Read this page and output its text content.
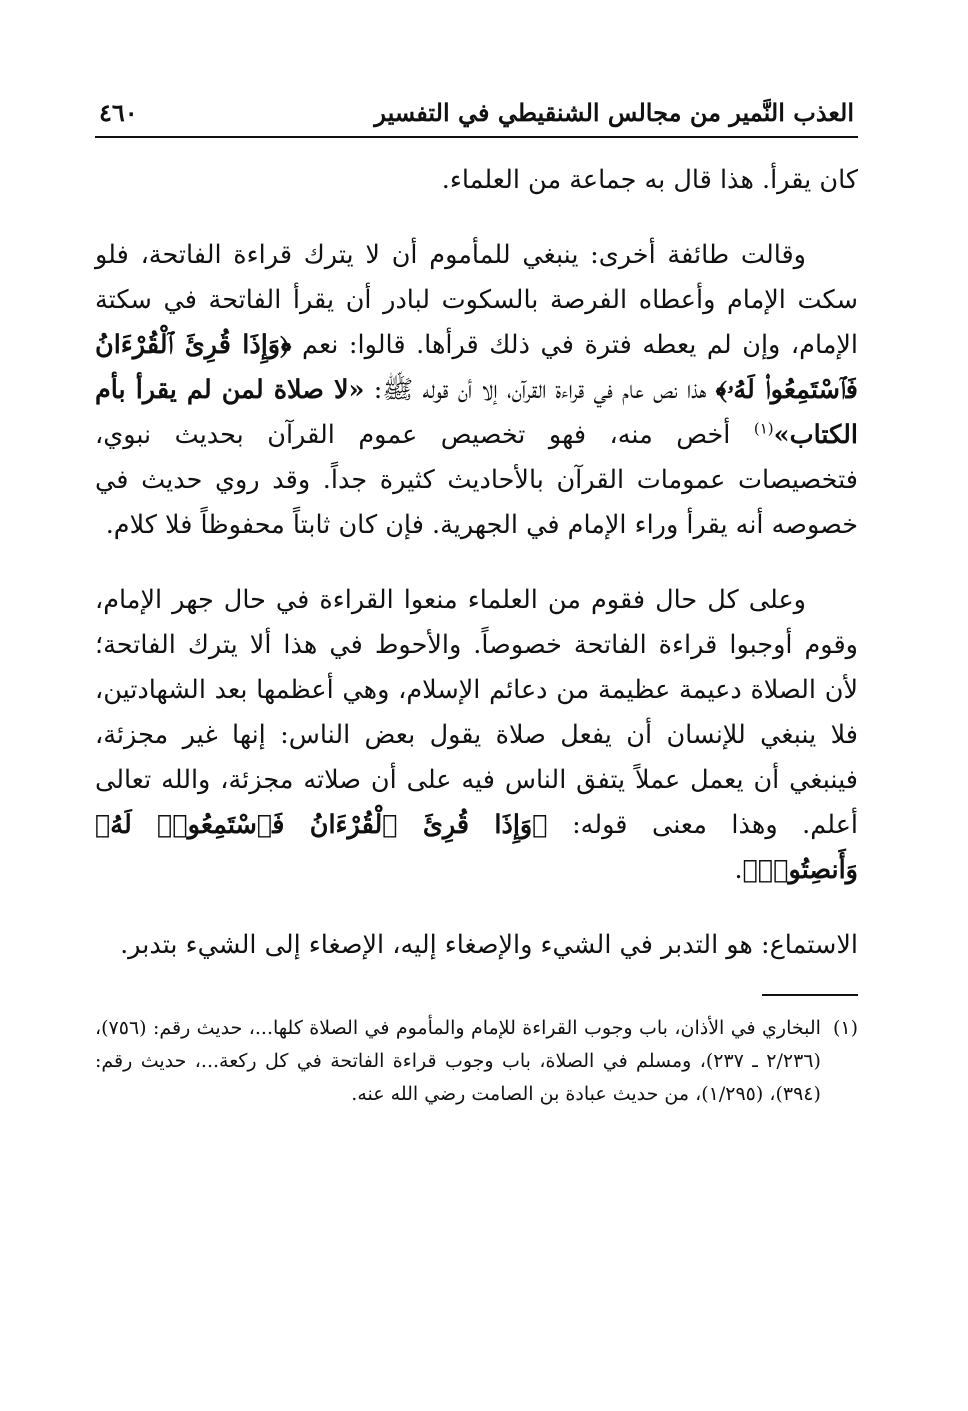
العذب النَّمير من مجالس الشنقيطي في التفسير
٤٦٠

كان يقرأ. هذا قال به جماعة من العلماء.

وقالت طائفة أخرى: ينبغي للمأموم أن لا يترك قراءة الفاتحة، فلو سكت الإمام وأعطاه الفرصة بالسكوت لبادر أن يقرأ الفاتحة في سكتة الإمام، وإن لم يعطه فترة في ذلك قرأها. قالوا: نعم ﴿وَإِذَا قُرِئَ ٱلْقُرْءَانُ فَٱسْتَمِعُوا۟ لَهُۥ﴾ هذا نص عام في قراءة القرآن، إلا أن قوله ﷺ: «لا صلاة لمن لم يقرأ بأم الكتاب»$^{(١)}$ أخص منه، فهو تخصيص عموم القرآن بحديث نبوي، فتخصيصات عمومات القرآن بالأحاديث كثيرة جداً. وقد روي حديث في خصوصه أنه يقرأ وراء الإمام في الجهرية. فإن كان ثابتاً محفوظاً فلا كلام.

وعلى كل حال فقوم من العلماء منعوا القراءة في حال جهر الإمام، وقوم أوجبوا قراءة الفاتحة خصوصاً. والأحوط في هذا ألا يترك الفاتحة؛ لأن الصلاة دعيمة عظيمة من دعائم الإسلام، وهي أعظمها بعد الشهادتين، فلا ينبغي للإنسان أن يفعل صلاة يقول بعض الناس: إنها غير مجزئة، فينبغي أن يعمل عملاً يتفق الناس فيه على أن صلاته مجزئة، والله تعالى أعلم. وهذا معنى قوله: ﴿وَإِذَا قُرِئَ ٱلْقُرْءَانُ فَٱسْتَمِعُوا۟ لَهُۥ وَأَنصِتُوا۟﴾.

الاستماع: هو التدبر في الشيء والإصغاء إليه، الإصغاء إلى الشيء بتدبر.

(١)
البخاري في الأذان، باب وجوب القراءة للإمام والمأموم في الصلاة كلها...، حديث رقم: (٧٥٦)، (٢/٢٣٦ ـ ٢٣٧)، ومسلم في الصلاة، باب وجوب قراءة الفاتحة في كل ركعة...، حديث رقم: (٣٩٤)، (١/٢٩٥)، من حديث عبادة بن الصامت رضي الله عنه.
